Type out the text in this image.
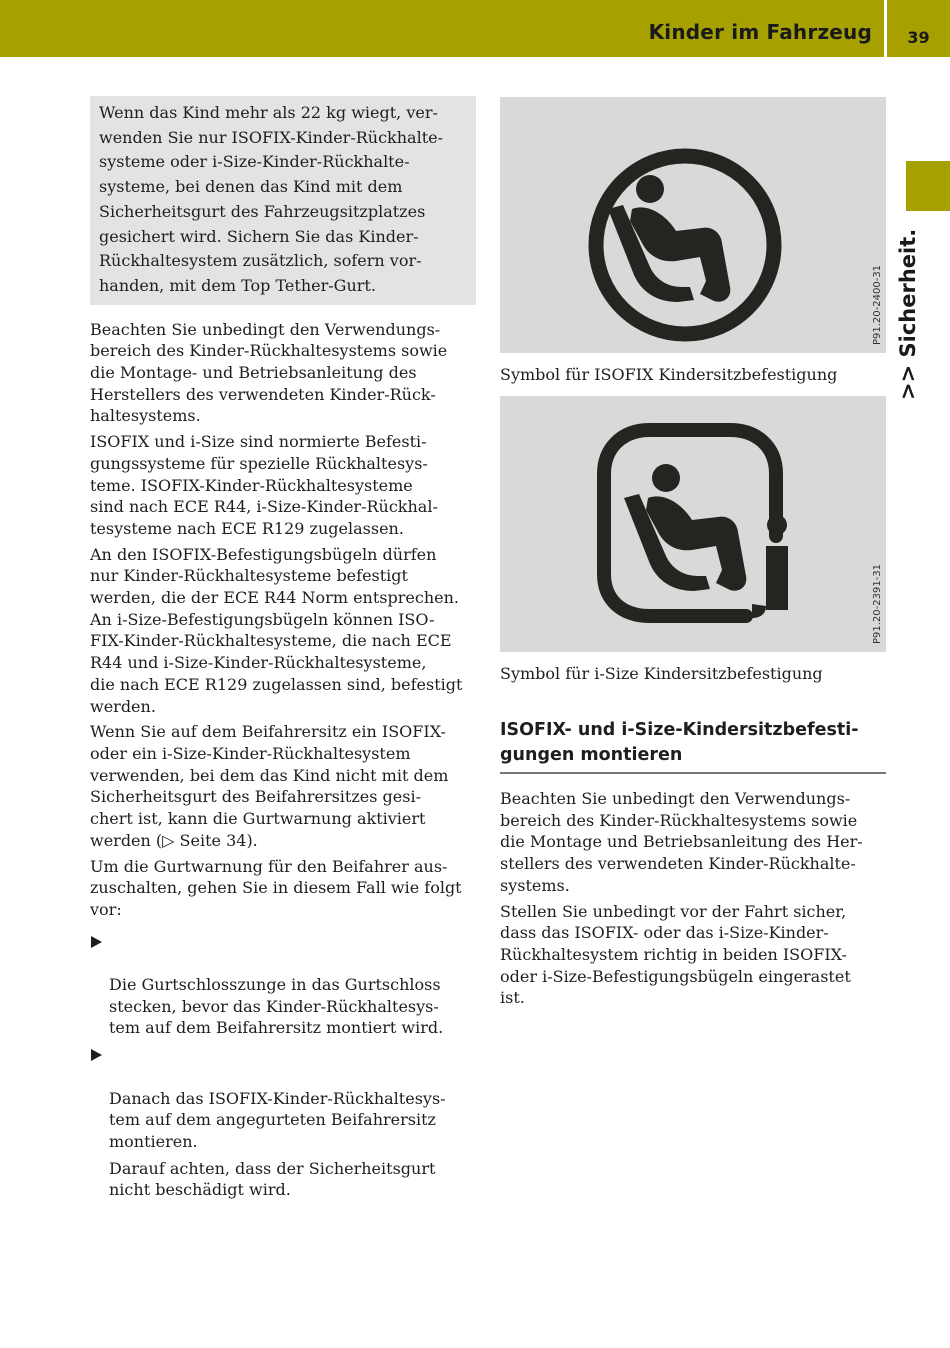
Kinder im Fahrzeug	39
>> Sicherheit.
Wenn das Kind mehr als 22 kg wiegt, ver-
wenden Sie nur ISOFIX-Kinder-Rückhalte-
systeme oder i-Size-Kinder-Rückhalte-
systeme, bei denen das Kind mit dem
Sicherheitsgurt des Fahrzeugsitzplatzes
gesichert wird. Sichern Sie das Kinder-
Rückhaltesystem zusätzlich, sofern vor-
handen, mit dem Top Tether-Gurt.

Beachten Sie unbedingt den Verwendungs-
bereich des Kinder-Rückhaltesystems sowie
die Montage- und Betriebsanleitung des
Herstellers des verwendeten Kinder-Rück-
haltesystems.

ISOFIX und i-Size sind normierte Befesti-
gungssysteme für spezielle Rückhaltesys-
teme. ISOFIX-Kinder-Rückhaltesysteme
sind nach ECE R44, i-Size-Kinder-Rückhal-
tesysteme nach ECE R129 zugelassen.

An den ISOFIX-Befestigungsbügeln dürfen
nur Kinder-Rückhaltesysteme befestigt
werden, die der ECE R44 Norm entsprechen.
An i-Size-Befestigungsbügeln können ISO-
FIX-Kinder-Rückhaltesysteme, die nach ECE
R44 und i-Size-Kinder-Rückhaltesysteme,
die nach ECE R129 zugelassen sind, befestigt
werden.

Wenn Sie auf dem Beifahrersitz ein ISOFIX-
oder ein i-Size-Kinder-Rückhaltesystem
verwenden, bei dem das Kind nicht mit dem
Sicherheitsgurt des Beifahrersitzes gesi-
chert ist, kann die Gurtwarnung aktiviert
werden (▷ Seite 34).

Um die Gurtwarnung für den Beifahrer aus-
zuschalten, gehen Sie in diesem Fall wie folgt
vor:

Die Gurtschlosszunge in das Gurtschloss
stecken, bevor das Kinder-Rückhaltesys-
tem auf dem Beifahrersitz montiert wird.

Danach das ISOFIX-Kinder-Rückhaltesys-
tem auf dem angegurteten Beifahrersitz
montieren.

Darauf achten, dass der Sicherheitsgurt
nicht beschädigt wird.
P91.20-2400-31

Symbol für ISOFIX Kindersitzbefestigung

P91.20-2391-31

Symbol für i-Size Kindersitzbefestigung

ISOFIX- und i-Size-Kindersitzbefesti-
gungen montieren

Beachten Sie unbedingt den Verwendungs-
bereich des Kinder-Rückhaltesystems sowie
die Montage und Betriebsanleitung des Her-
stellers des verwendeten Kinder-Rückhalte-
systems.

Stellen Sie unbedingt vor der Fahrt sicher,
dass das ISOFIX- oder das i-Size-Kinder-
Rückhaltesystem richtig in beiden ISOFIX-
oder i-Size-Befestigungsbügeln eingerastet
ist.
